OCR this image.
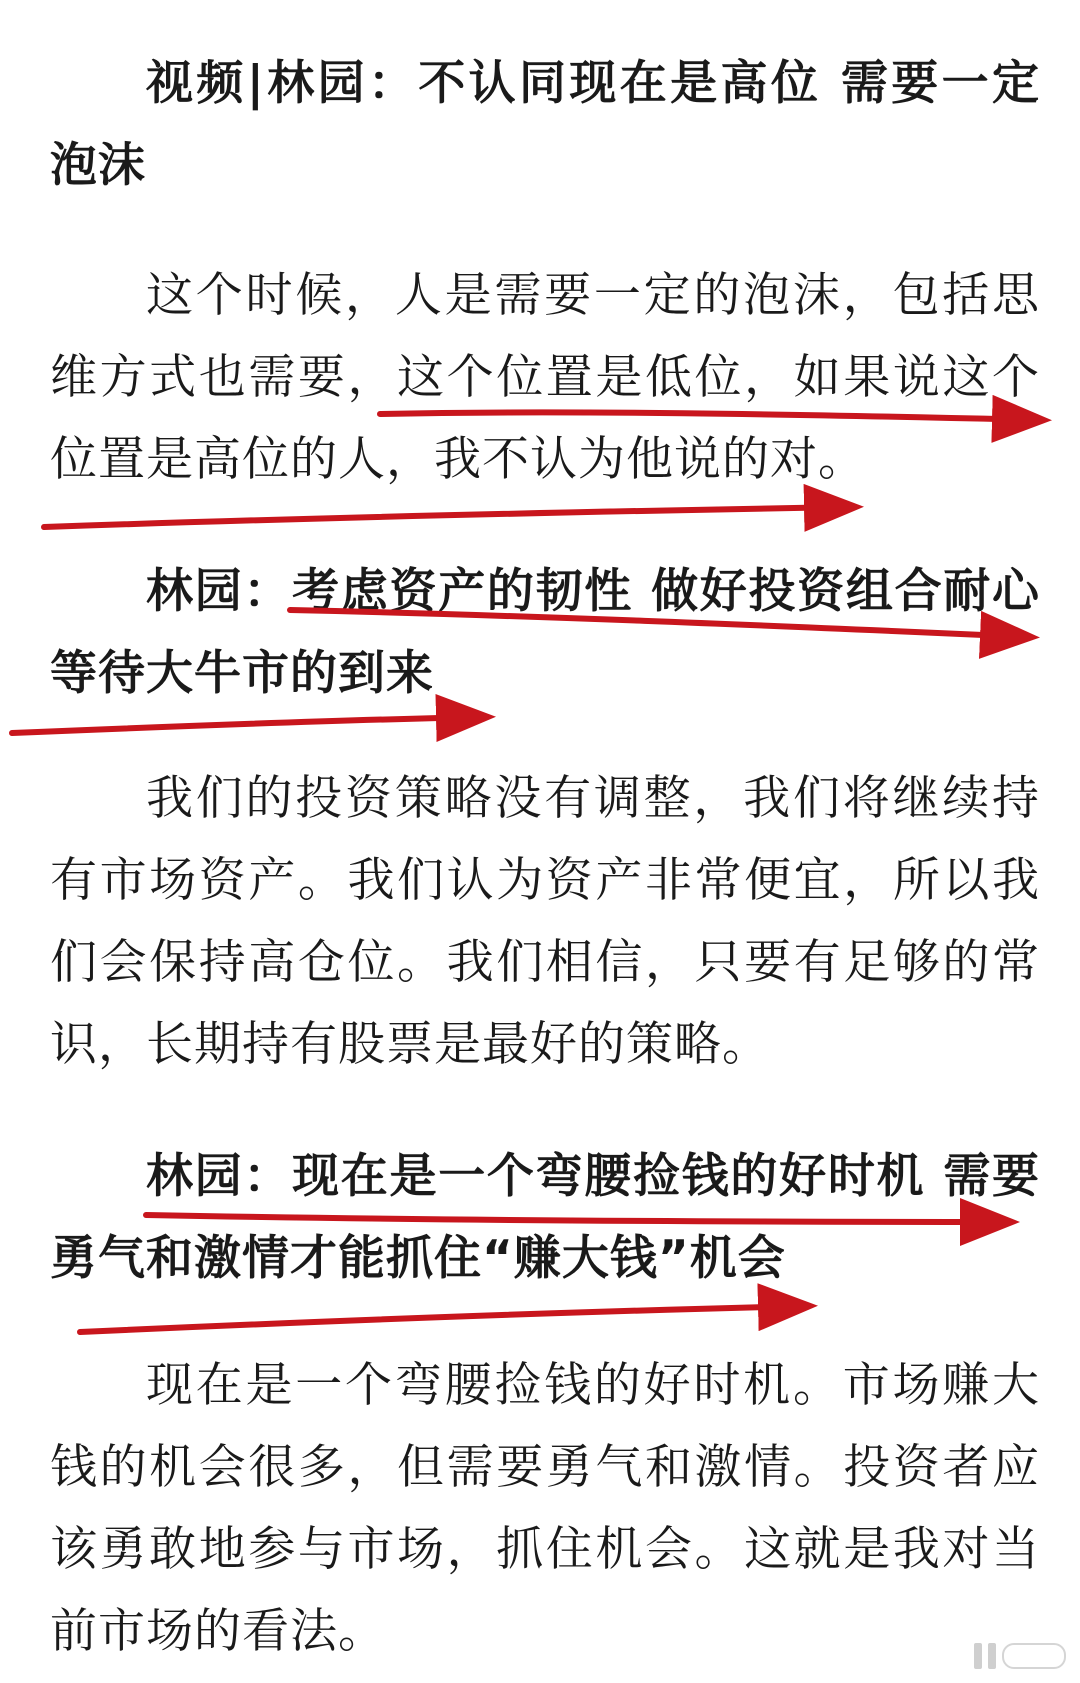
视频|林园：不认同现在是高位 需要一定泡沫

这个时候，人是需要一定的泡沫，包括思维方式也需要，这个位置是低位，如果说这个位置是高位的人，我不认为他说的对。

林园：考虑资产的韧性 做好投资组合耐心等待大牛市的到来

我们的投资策略没有调整，我们将继续持有市场资产。我们认为资产非常便宜，所以我们会保持高仓位。我们相信，只要有足够的常识，长期持有股票是最好的策略。

林园：现在是一个弯腰捡钱的好时机 需要勇气和激情才能抓住“赚大钱”机会

现在是一个弯腰捡钱的好时机。市场赚大钱的机会很多，但需要勇气和激情。投资者应该勇敢地参与市场，抓住机会。这就是我对当前市场的看法。
